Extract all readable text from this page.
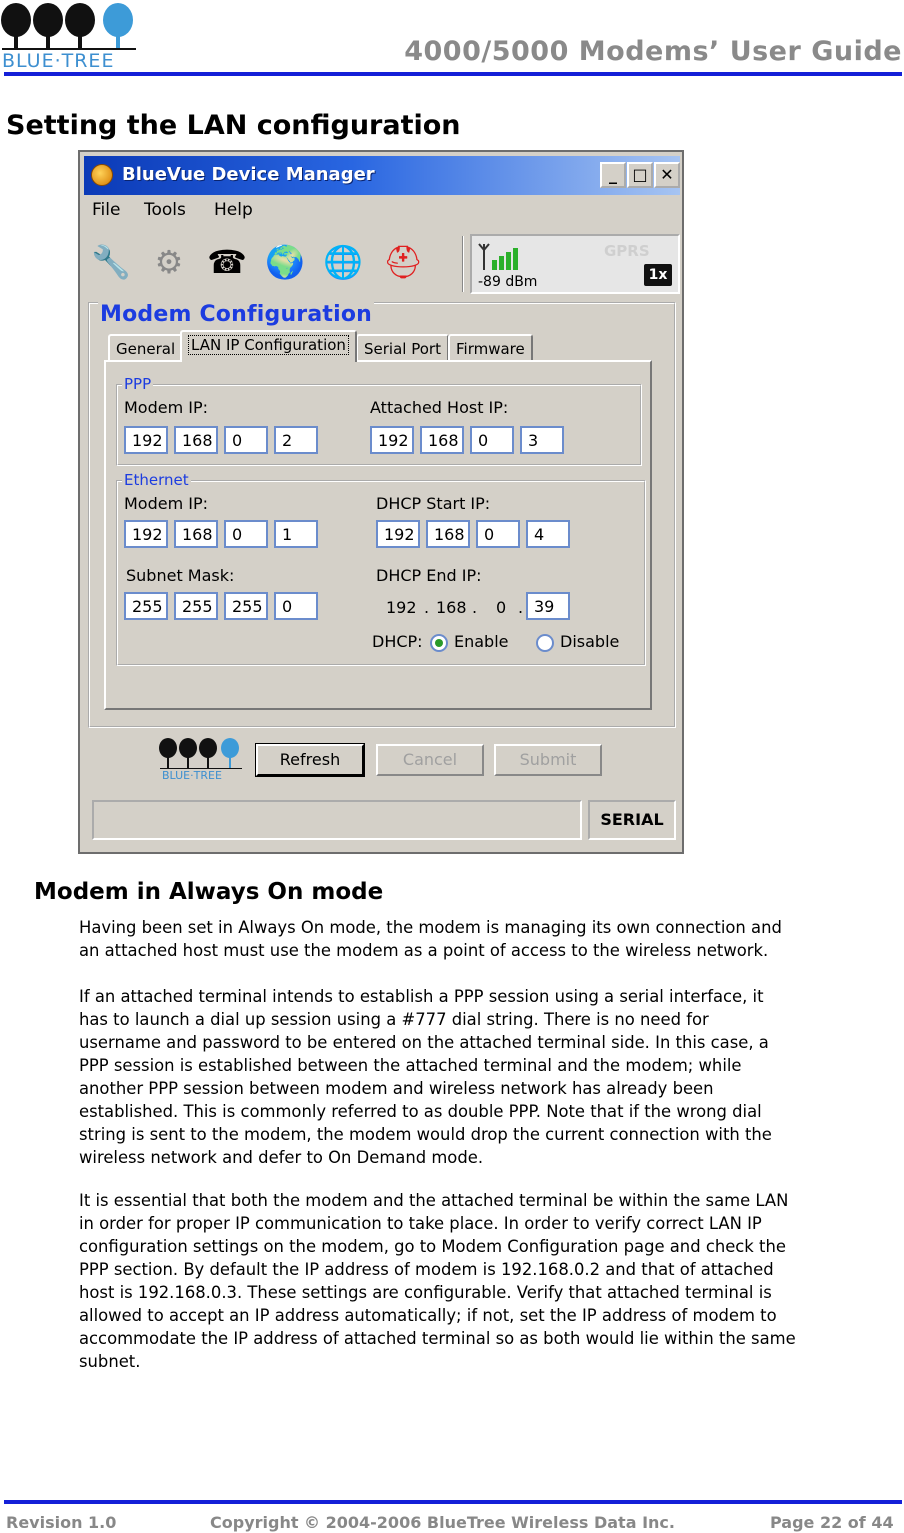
BLUE·TREE	4000/5000 Modems’ User Guide
Setting the LAN configuration
BlueVue Device Manager	_ □ ✕
File Tools Help
🔧 ⚙ ☎ 🌍 🌐 ⛑
-89 dBm
GPRS
1x
Modem Configuration
General	LAN IP Configuration	Serial Port	Firmware
PPP
Modem IP:
192	168	0	2
Attached Host IP:
192	168	0	3
Ethernet
Modem IP:
192	168	0	1
DHCP Start IP:
192	168	0	4
Subnet Mask:
255	255	255	0
DHCP End IP:
192 . 168 . 0 . 39
DHCP: Enable	Disable
BLUE·TREE
Refresh	Cancel	Submit
SERIAL
Modem in Always On mode
Having been set in Always On mode, the modem is managing its own connection and
an attached host must use the modem as a point of access to the wireless network.
If an attached terminal intends to establish a PPP session using a serial interface, it
has to launch a dial up session using a #777 dial string. There is no need for
username and password to be entered on the attached terminal side. In this case, a
PPP session is established between the attached terminal and the modem; while
another PPP session between modem and wireless network has already been
established. This is commonly referred to as double PPP. Note that if the wrong dial
string is sent to the modem, the modem would drop the current connection with the
wireless network and defer to On Demand mode.
It is essential that both the modem and the attached terminal be within the same LAN
in order for proper IP communication to take place. In order to verify correct LAN IP
configuration settings on the modem, go to Modem Configuration page and check the
PPP section. By default the IP address of modem is 192.168.0.2 and that of attached
host is 192.168.0.3. These settings are configurable. Verify that attached terminal is
allowed to accept an IP address automatically; if not, set the IP address of modem to
accommodate the IP address of attached terminal so as both would lie within the same
subnet.
Revision 1.0	Copyright © 2004-2006 BlueTree Wireless Data Inc.	Page 22 of 44
